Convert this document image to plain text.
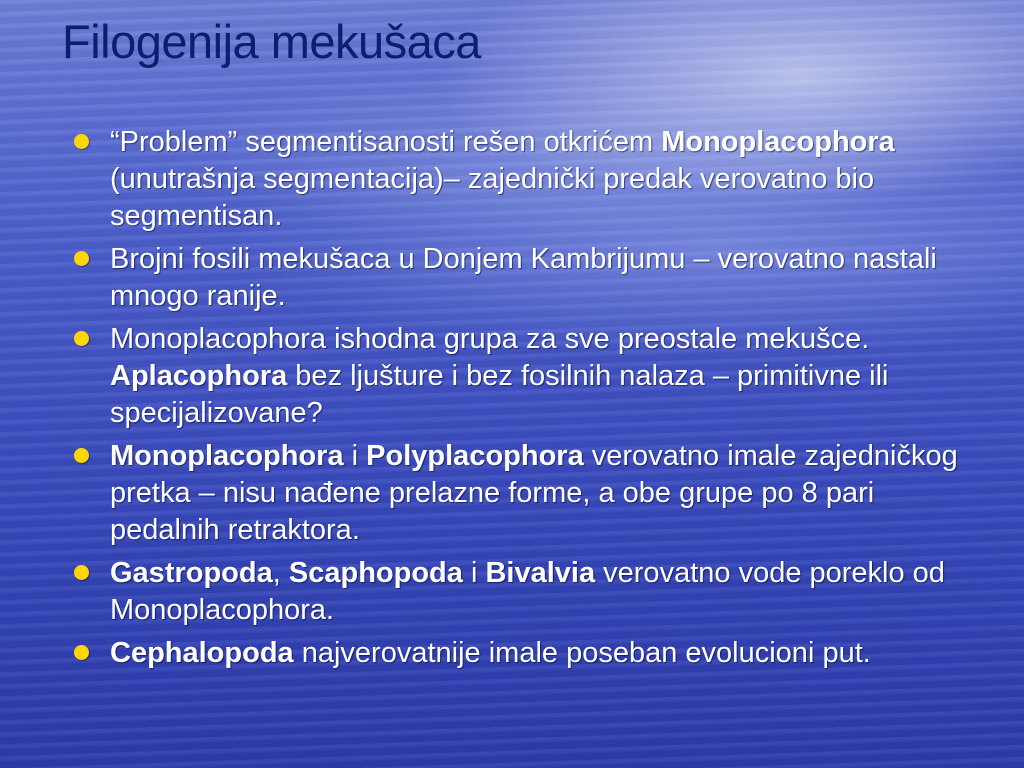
Filogenija mekušaca
“Problem” segmentisanosti rešen otkrićem Monoplacophora (unutrašnja segmentacija)– zajednički predak verovatno bio segmentisan.
Brojni fosili mekušaca u Donjem Kambrijumu – verovatno nastali mnogo ranije.
Monoplacophora ishodna grupa za sve preostale mekušce. Aplacophora bez ljušture i bez fosilnih nalaza – primitivne ili specijalizovane?
Monoplacophora i Polyplacophora verovatno imale zajedničkog pretka – nisu nađene prelazne forme, a obe grupe po 8 pari pedalnih retraktora.
Gastropoda, Scaphopoda i Bivalvia verovatno vode poreklo od Monoplacophora.
Cephalopoda najverovatnije imale poseban evolucioni put.
